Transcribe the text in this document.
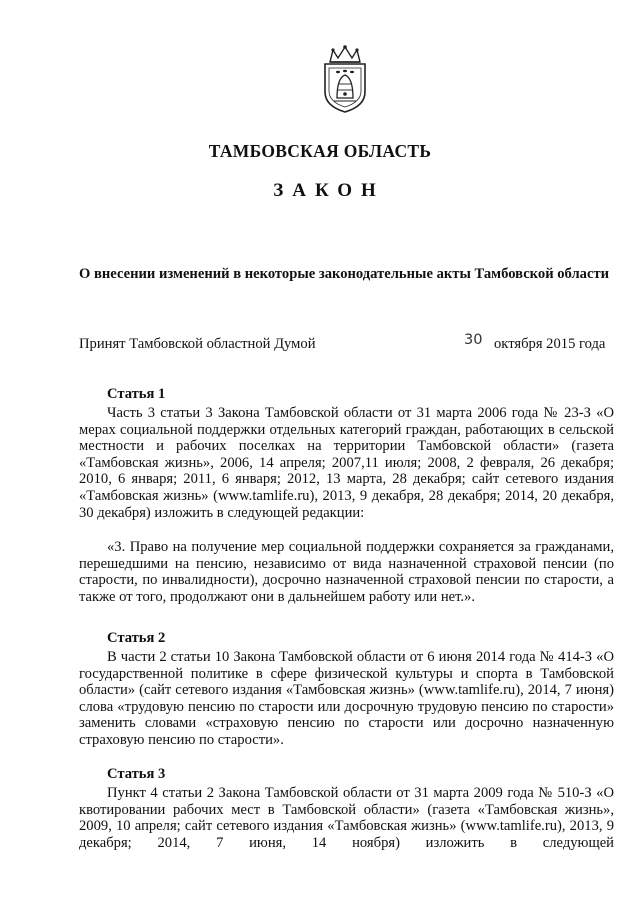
ТАМБОВСКАЯ ОБЛАСТЬ
ЗАКОН
О внесении изменений в некоторые законодательные акты Тамбовской области
Принят Тамбовской областной Думой	30 октября 2015 года
Статья 1

Часть 3 статьи 3 Закона Тамбовской области от 31 марта 2006 года № 23-З «О мерах социальной поддержки отдельных категорий граждан, работающих в сельской местности и рабочих поселках на территории Тамбовской области» (газета «Тамбовская жизнь», 2006, 14 апреля; 2007,11 июля; 2008, 2 февраля, 26 декабря; 2010, 6 января; 2011, 6 января; 2012, 13 марта, 28 декабря; сайт сетевого издания «Тамбовская жизнь» (www.tamlife.ru), 2013, 9 декабря, 28 декабря; 2014, 20 декабря, 30 декабря) изложить в следующей редакции:

«3. Право на получение мер социальной поддержки сохраняется за гражданами, перешедшими на пенсию, независимо от вида назначенной страховой пенсии (по старости, по инвалидности), досрочно назначенной страховой пенсии по старости, а также от того, продолжают они в дальнейшем работу или нет.».

Статья 2

В части 2 статьи 10 Закона Тамбовской области от 6 июня 2014 года № 414-З «О государственной политике в сфере физической культуры и спорта в Тамбовской области» (сайт сетевого издания «Тамбовская жизнь» (www.tamlife.ru), 2014, 7 июня) слова «трудовую пенсию по старости или досрочную трудовую пенсию по старости» заменить словами «страховую пенсию по старости или досрочно назначенную страховую пенсию по старости».

Статья 3

Пункт 4 статьи 2 Закона Тамбовской области от 31 марта 2009 года № 510-З «О квотировании рабочих мест в Тамбовской области» (газета «Тамбовская жизнь», 2009, 10 апреля; сайт сетевого издания «Тамбовская жизнь» (www.tamlife.ru), 2013, 9 декабря; 2014, 7 июня, 14 ноября) изложить в следующей
